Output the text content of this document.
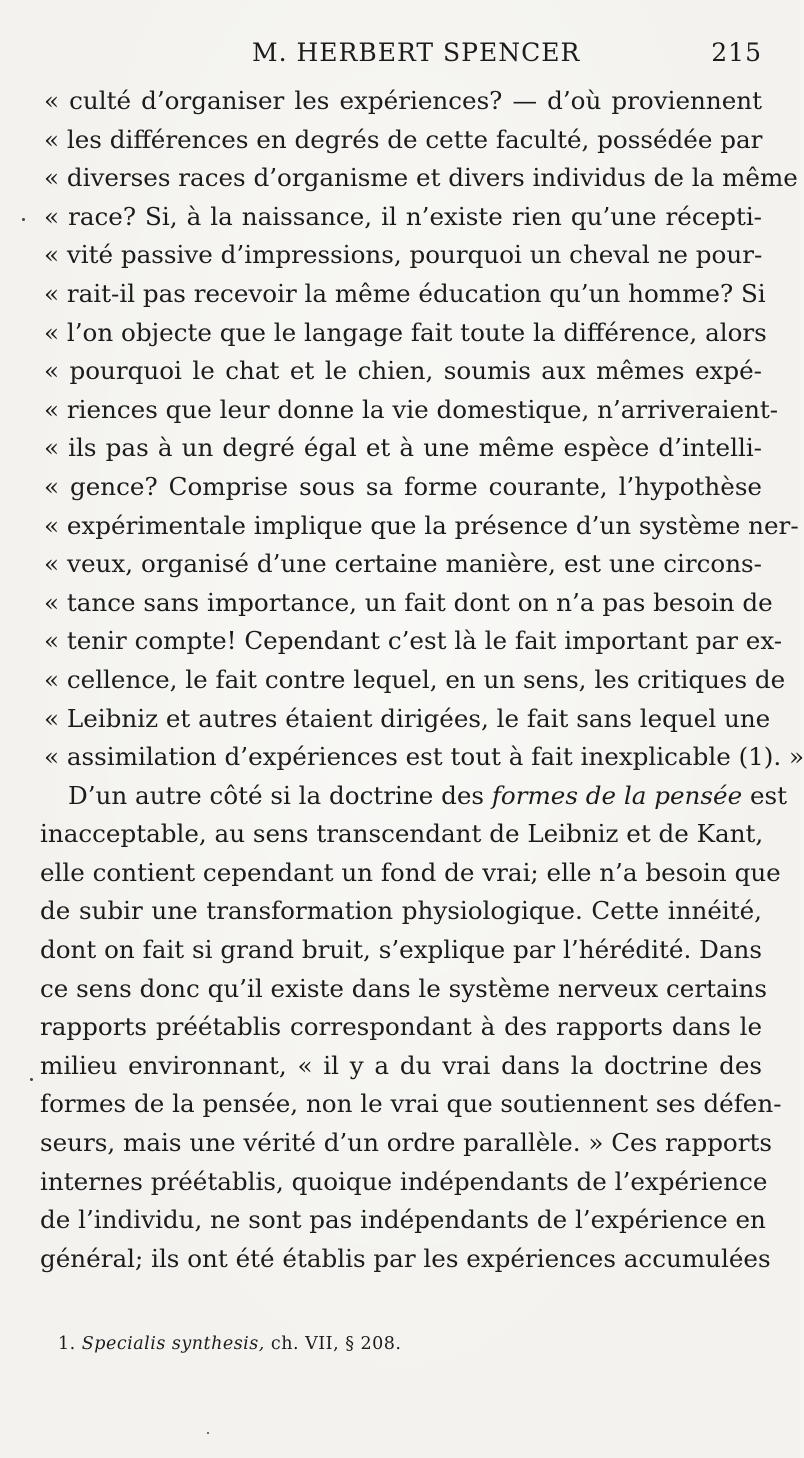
M. HERBERT SPENCER	215
« culté d’organiser les expériences? — d’où proviennent
« les différences en degrés de cette faculté, possédée par
« diverses races d’organisme et divers individus de la même
« race? Si, à la naissance, il n’existe rien qu’une récepti-
« vité passive d’impressions, pourquoi un cheval ne pour-
« rait-il pas recevoir la même éducation qu’un homme? Si
« l’on objecte que le langage fait toute la différence, alors
« pourquoi le chat et le chien, soumis aux mêmes expé-
« riences que leur donne la vie domestique, n’arriveraient-
« ils pas à un degré égal et à une même espèce d’intelli-
« gence? Comprise sous sa forme courante, l’hypothèse
« expérimentale implique que la présence d’un système ner-
« veux, organisé d’une certaine manière, est une circons-
« tance sans importance, un fait dont on n’a pas besoin de
« tenir compte! Cependant c’est là le fait important par ex-
« cellence, le fait contre lequel, en un sens, les critiques de
« Leibniz et autres étaient dirigées, le fait sans lequel une
« assimilation d’expériences est tout à fait inexplicable (1). »
D’un autre côté si la doctrine des formes de la pensée est
inacceptable, au sens transcendant de Leibniz et de Kant,
elle contient cependant un fond de vrai; elle n’a besoin que
de subir une transformation physiologique. Cette innéité,
dont on fait si grand bruit, s’explique par l’hérédité. Dans
ce sens donc qu’il existe dans le système nerveux certains
rapports préétablis correspondant à des rapports dans le
milieu environnant, « il y a du vrai dans la doctrine des
formes de la pensée, non le vrai que soutiennent ses défen-
seurs, mais une vérité d’un ordre parallèle. » Ces rapports
internes préétablis, quoique indépendants de l’expérience
de l’individu, ne sont pas indépendants de l’expérience en
général; ils ont été établis par les expériences accumulées
1. Specialis synthesis, ch. VII, § 208.
